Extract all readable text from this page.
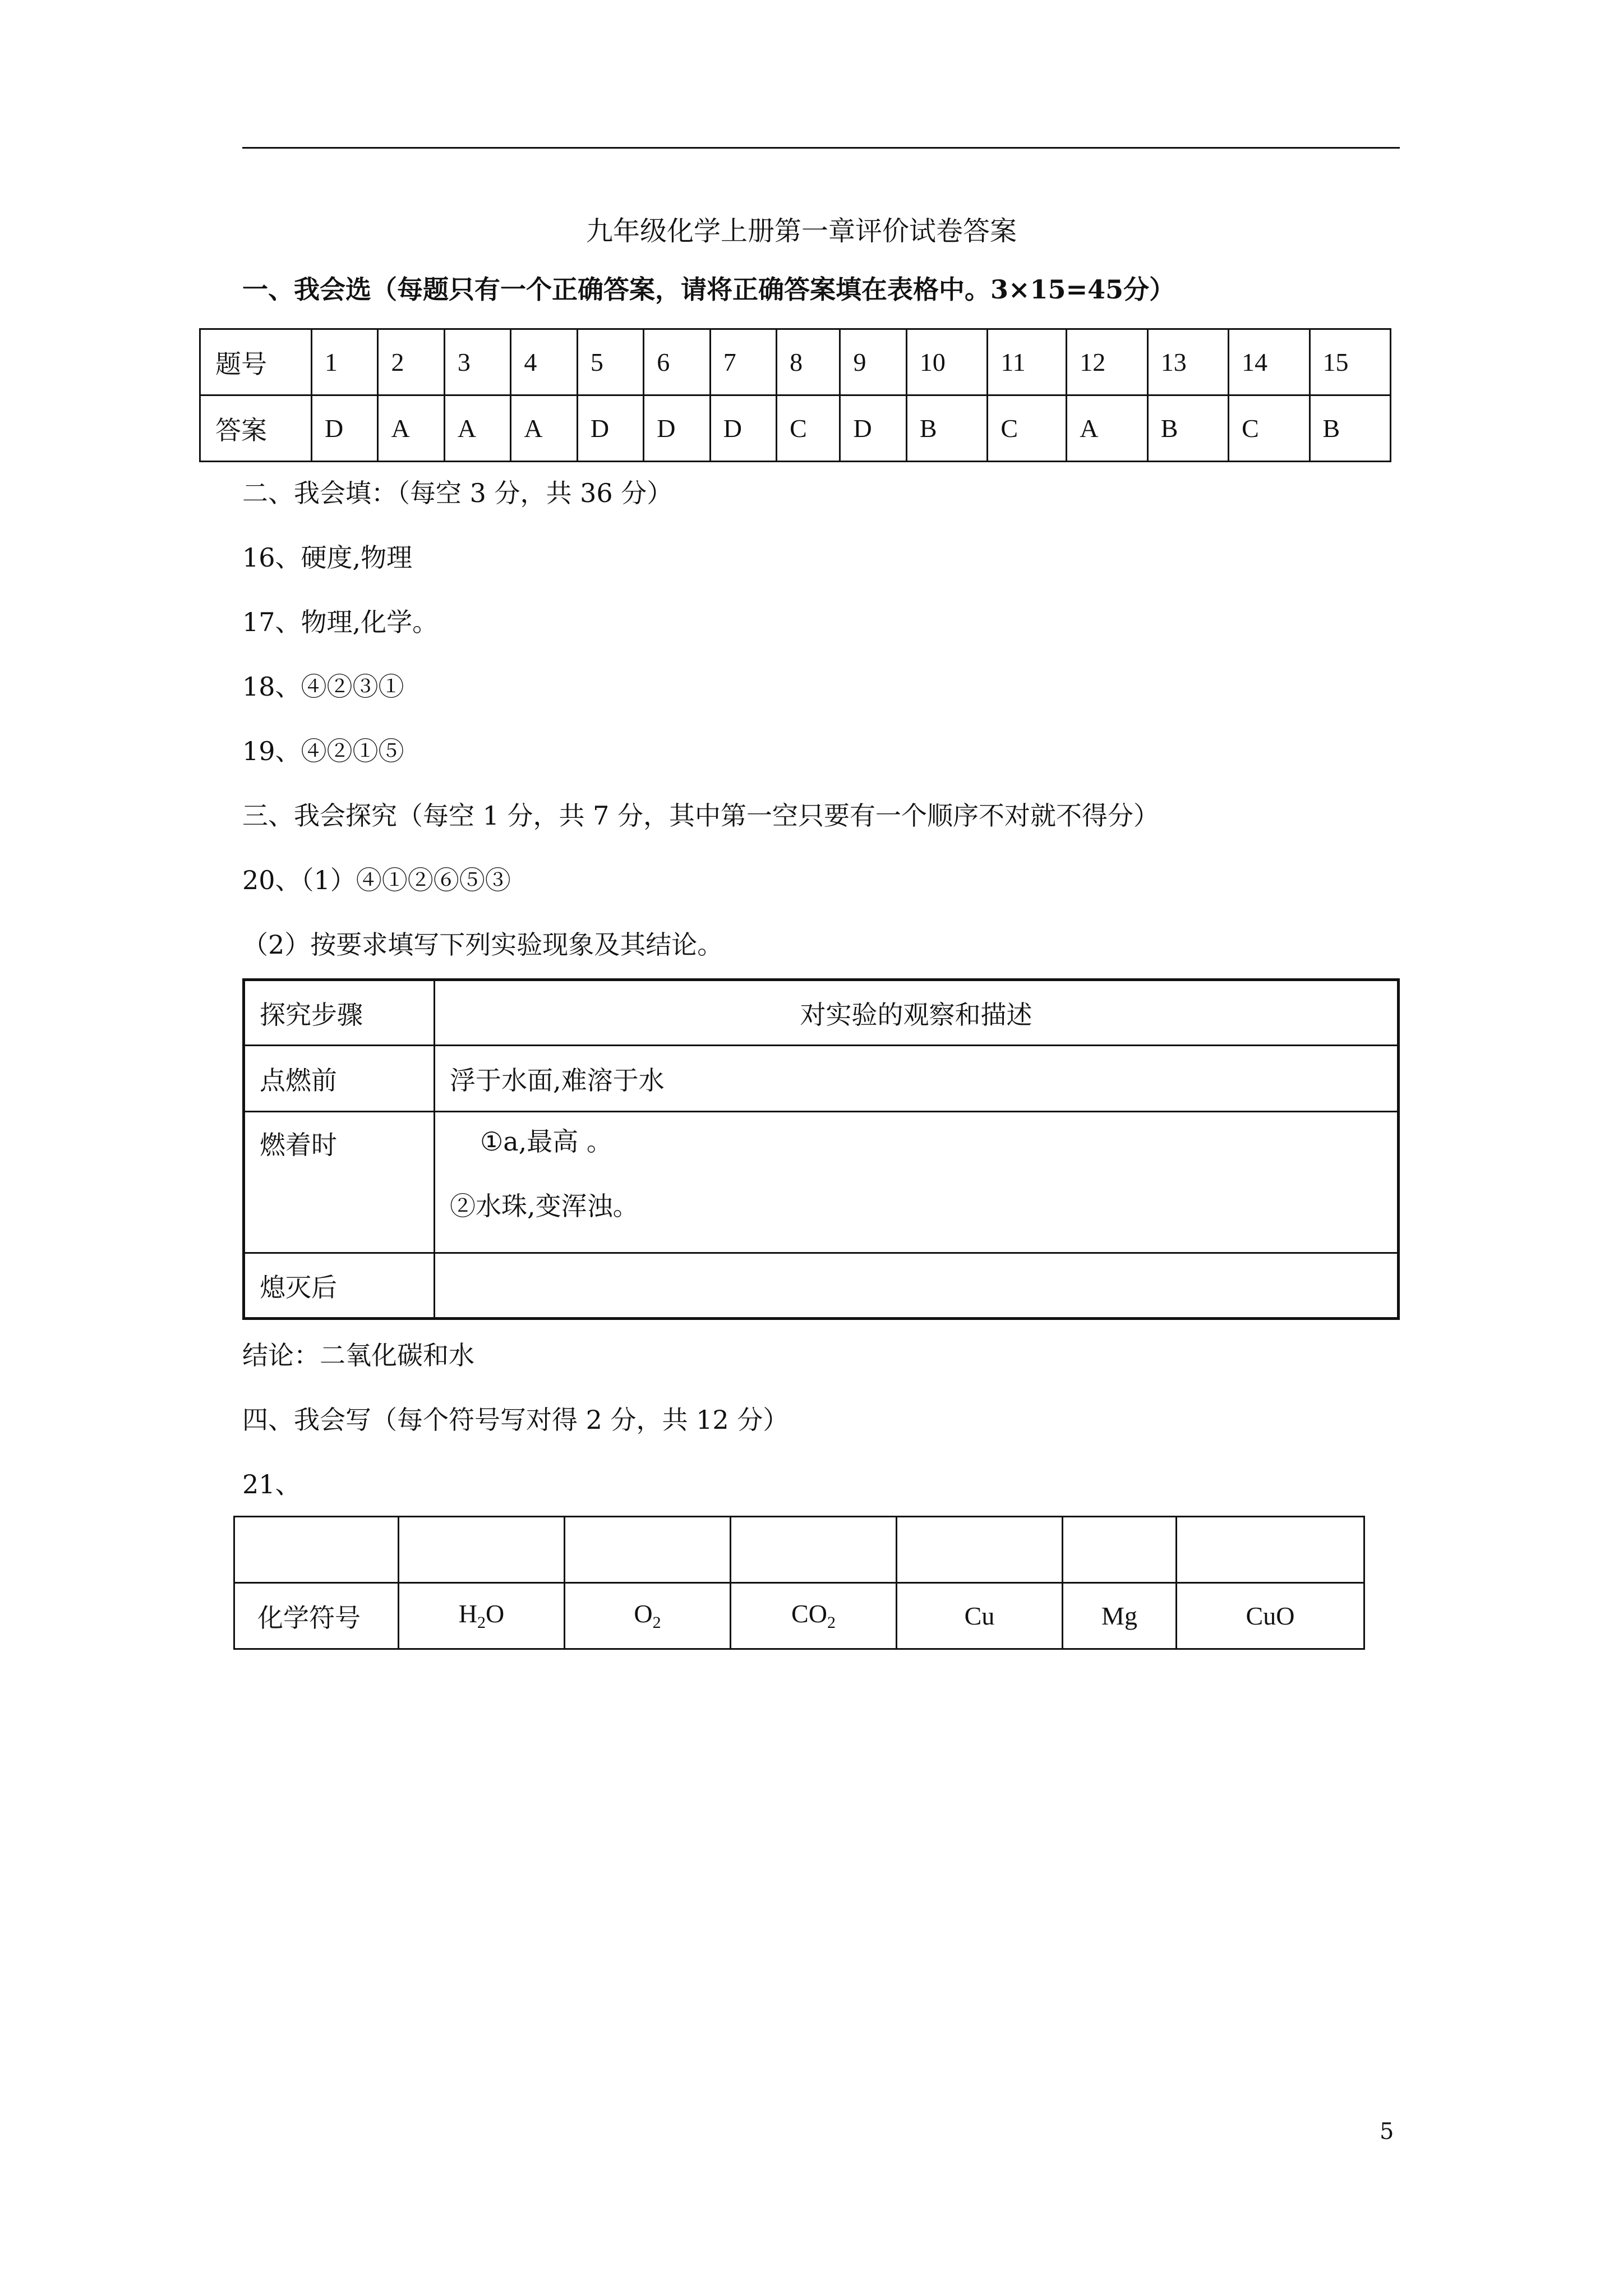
九年级化学上册第一章评价试卷答案
一、我会选（每题只有一个正确答案，请将正确答案填在表格中。3×15=45分）
题号	1	2	3	4	5	6	7	8	9	10	11	12	13	14	15
答案	D	A	A	A	D	D	D	C	D	B	C	A	B	C	B
二、我会填：（每空 3 分，共 36 分）
16、硬度,物理
17、物理,化学。
18、④②③①
19、④②①⑤
三、我会探究（每空 1 分，共 7 分，其中第一空只要有一个顺序不对就不得分）
20、（1）④①②⑥⑤③
（2）按要求填写下列实验现象及其结论。
探究步骤	对实验的观察和描述
点燃前	浮于水面,难溶于水
燃着时	①a,最高 。
②水珠,变浑浊。

熄灭后	
结论：二氧化碳和水
四、我会写（每个符号写对得 2 分，共 12 分）
21、

化学符号	$H_2O$	$O_2$	$CO_2$	Cu	Mg	CuO
5
